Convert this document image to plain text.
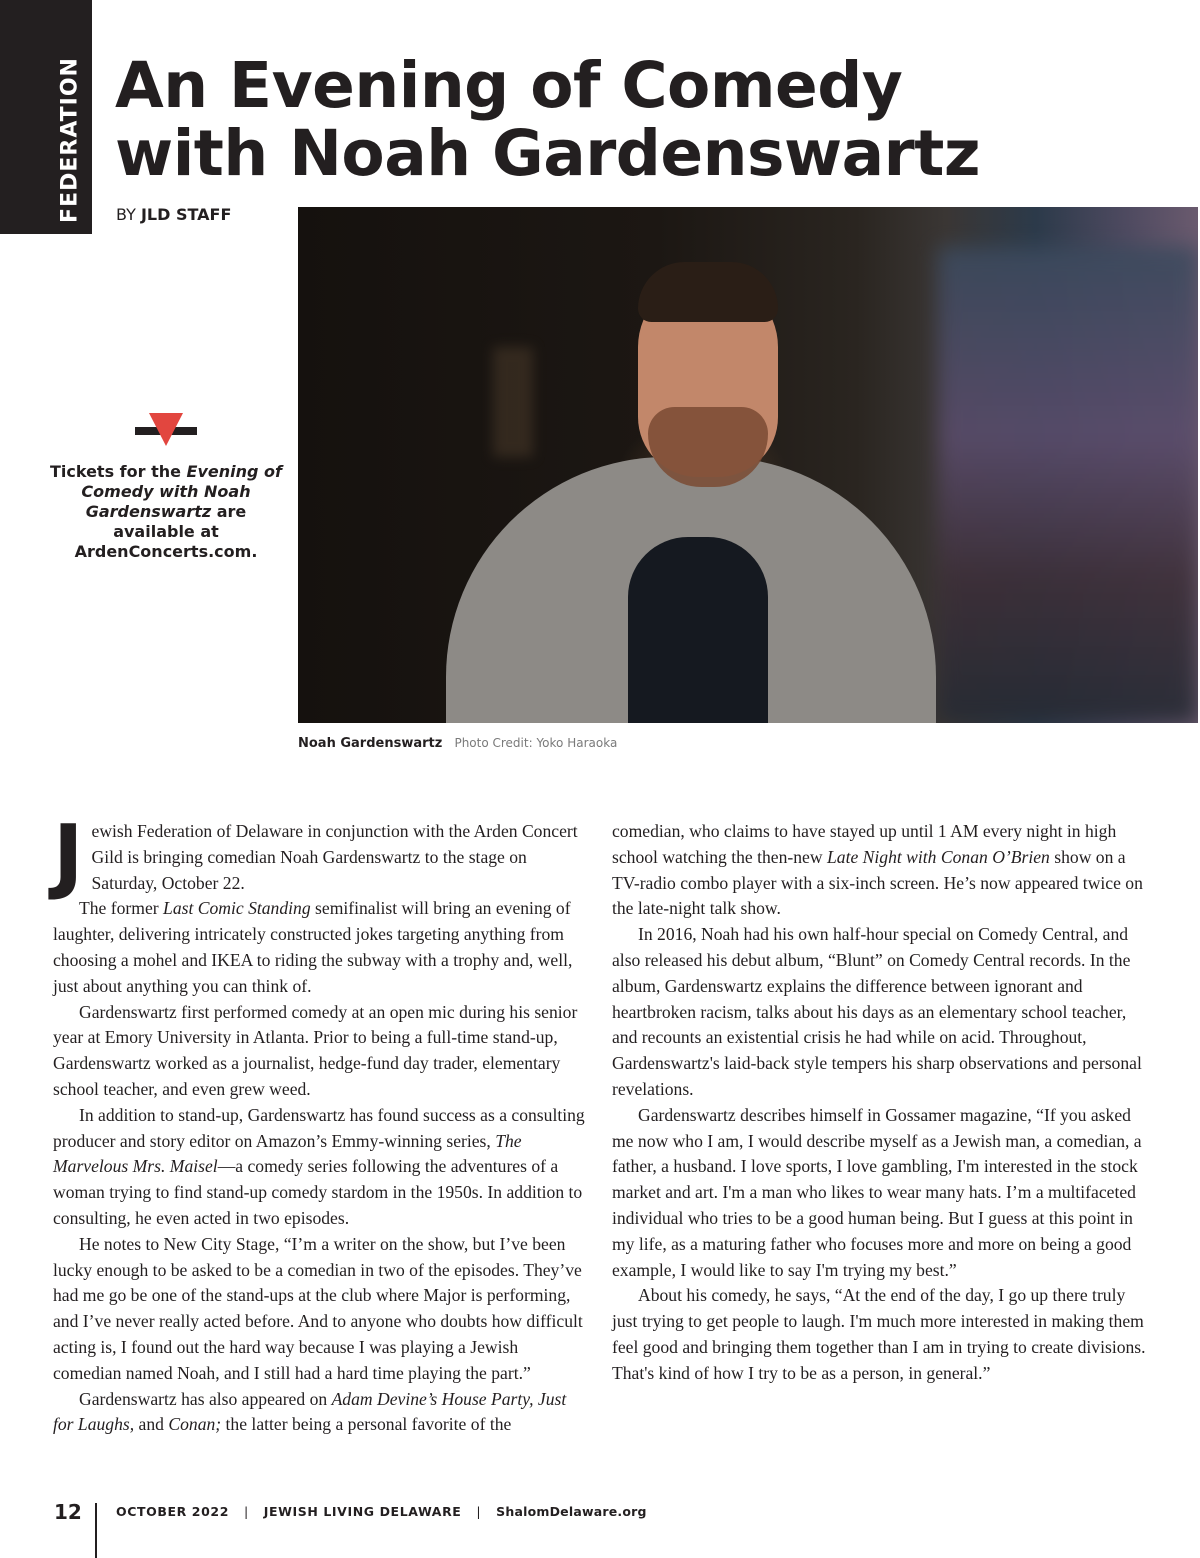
FEDERATION An Evening of Comedy
with Noah Gardenswartz
BY JLD STAFF
Noah Gardenswartz Photo Credit: Yoko Haraoka
Tickets for the Evening of Comedy with Noah Gardenswartz are available at ArdenConcerts.com.

Jewish Federation of Delaware in conjunction with the Arden Concert Gild is bringing comedian Noah Gardenswartz to the stage on Saturday, October 22.

The former Last Comic Standing semifinalist will bring an evening of laughter, delivering intricately constructed jokes targeting anything from choosing a mohel and IKEA to riding the subway with a trophy and, well, just about anything you can think of.

Gardenswartz first performed comedy at an open mic during his senior year at Emory University in Atlanta. Prior to being a full-time stand-up, Gardenswartz worked as a journalist, hedge-fund day trader, elementary school teacher, and even grew weed.

In addition to stand-up, Gardenswartz has found success as a consulting producer and story editor on Amazon’s Emmy-winning series, The Marvelous Mrs. Maisel—a comedy series following the adventures of a woman trying to find stand-up comedy stardom in the 1950s. In addition to consulting, he even acted in two episodes.

He notes to New City Stage, “I’m a writer on the show, but I’ve been lucky enough to be asked to be a comedian in two of the episodes. They’ve had me go be one of the stand-ups at the club where Major is performing, and I’ve never really acted before. And to anyone who doubts how difficult acting is, I found out the hard way because I was playing a Jewish comedian named Noah, and I still had a hard time playing the part.”

Gardenswartz has also appeared on Adam Devine’s House Party, Just for Laughs, and Conan; the latter being a personal favorite of the

comedian, who claims to have stayed up until 1 AM every night in high school watching the then-new Late Night with Conan O’Brien show on a TV-radio combo player with a six-inch screen. He’s now appeared twice on the late-night talk show.

In 2016, Noah had his own half-hour special on Comedy Central, and also released his debut album, “Blunt” on Comedy Central records. In the album, Gardenswartz explains the difference between ignorant and heartbroken racism, talks about his days as an elementary school teacher, and recounts an existential crisis he had while on acid. Throughout, Gardenswartz's laid-back style tempers his sharp observations and personal revelations.

Gardenswartz describes himself in Gossamer magazine, “If you asked me now who I am, I would describe myself as a Jewish man, a comedian, a father, a husband. I love sports, I love gambling, I'm interested in the stock market and art. I'm a man who likes to wear many hats. I’m a multifaceted individual who tries to be a good human being. But I guess at this point in my life, as a maturing father who focuses more and more on being a good example, I would like to say I'm trying my best.”

About his comedy, he says, “At the end of the day, I go up there truly just trying to get people to laugh. I'm much more interested in making them feel good and bringing them together than I am in trying to create divisions. That's kind of how I try to be as a person, in general.”

12	OCTOBER 2022 | JEWISH LIVING DELAWARE | ShalomDelaware.org
